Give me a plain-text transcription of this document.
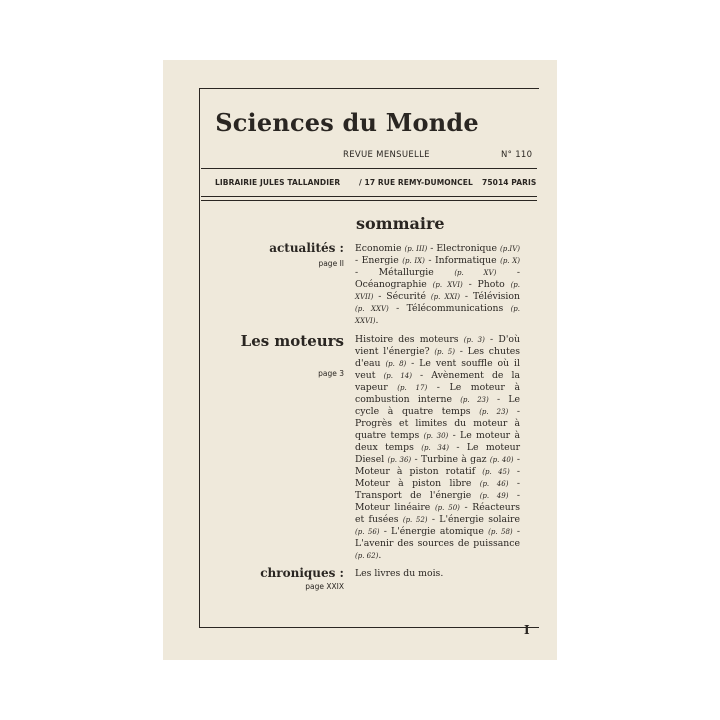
Sciences du Monde
REVUE MENSUELLE	N° 110
LIBRAIRIE JULES TALLANDIER	/ 17 RUE REMY-DUMONCEL 75014 PARIS
sommaire
actualités :
page II

Economie (p. III) - Electronique (p.IV) - Energie (p. IX) - Informatique (p. X) - Métallurgie (p. XV) - Océanographie (p. XVI) - Photo (p. XVII) - Sécurité (p. XXI) - Télévision (p. XXV) - Télécommunications (p. XXVI).

Les moteurs
page 3

Histoire des moteurs (p. 3) - D'où vient l'énergie? (p. 5) - Les chutes d'eau (p. 8) - Le vent souffle où il veut (p. 14) - Avènement de la vapeur (p. 17) - Le moteur à combustion interne (p. 23) - Le cycle à quatre temps (p. 23) - Progrès et limites du moteur à quatre temps (p. 30) - Le moteur à deux temps (p. 34) - Le moteur Diesel (p. 36) - Turbine à gaz (p. 40) - Moteur à piston rotatif (p. 45) - Moteur à piston libre (p. 46) - Transport de l'énergie (p. 49) - Moteur linéaire (p. 50) - Réacteurs et fusées (p. 52) - L'énergie solaire (p. 56) - L'énergie atomique (p. 58) - L'avenir des sources de puissance (p. 62).

chroniques :
page XXIX

Les livres du mois.

I
